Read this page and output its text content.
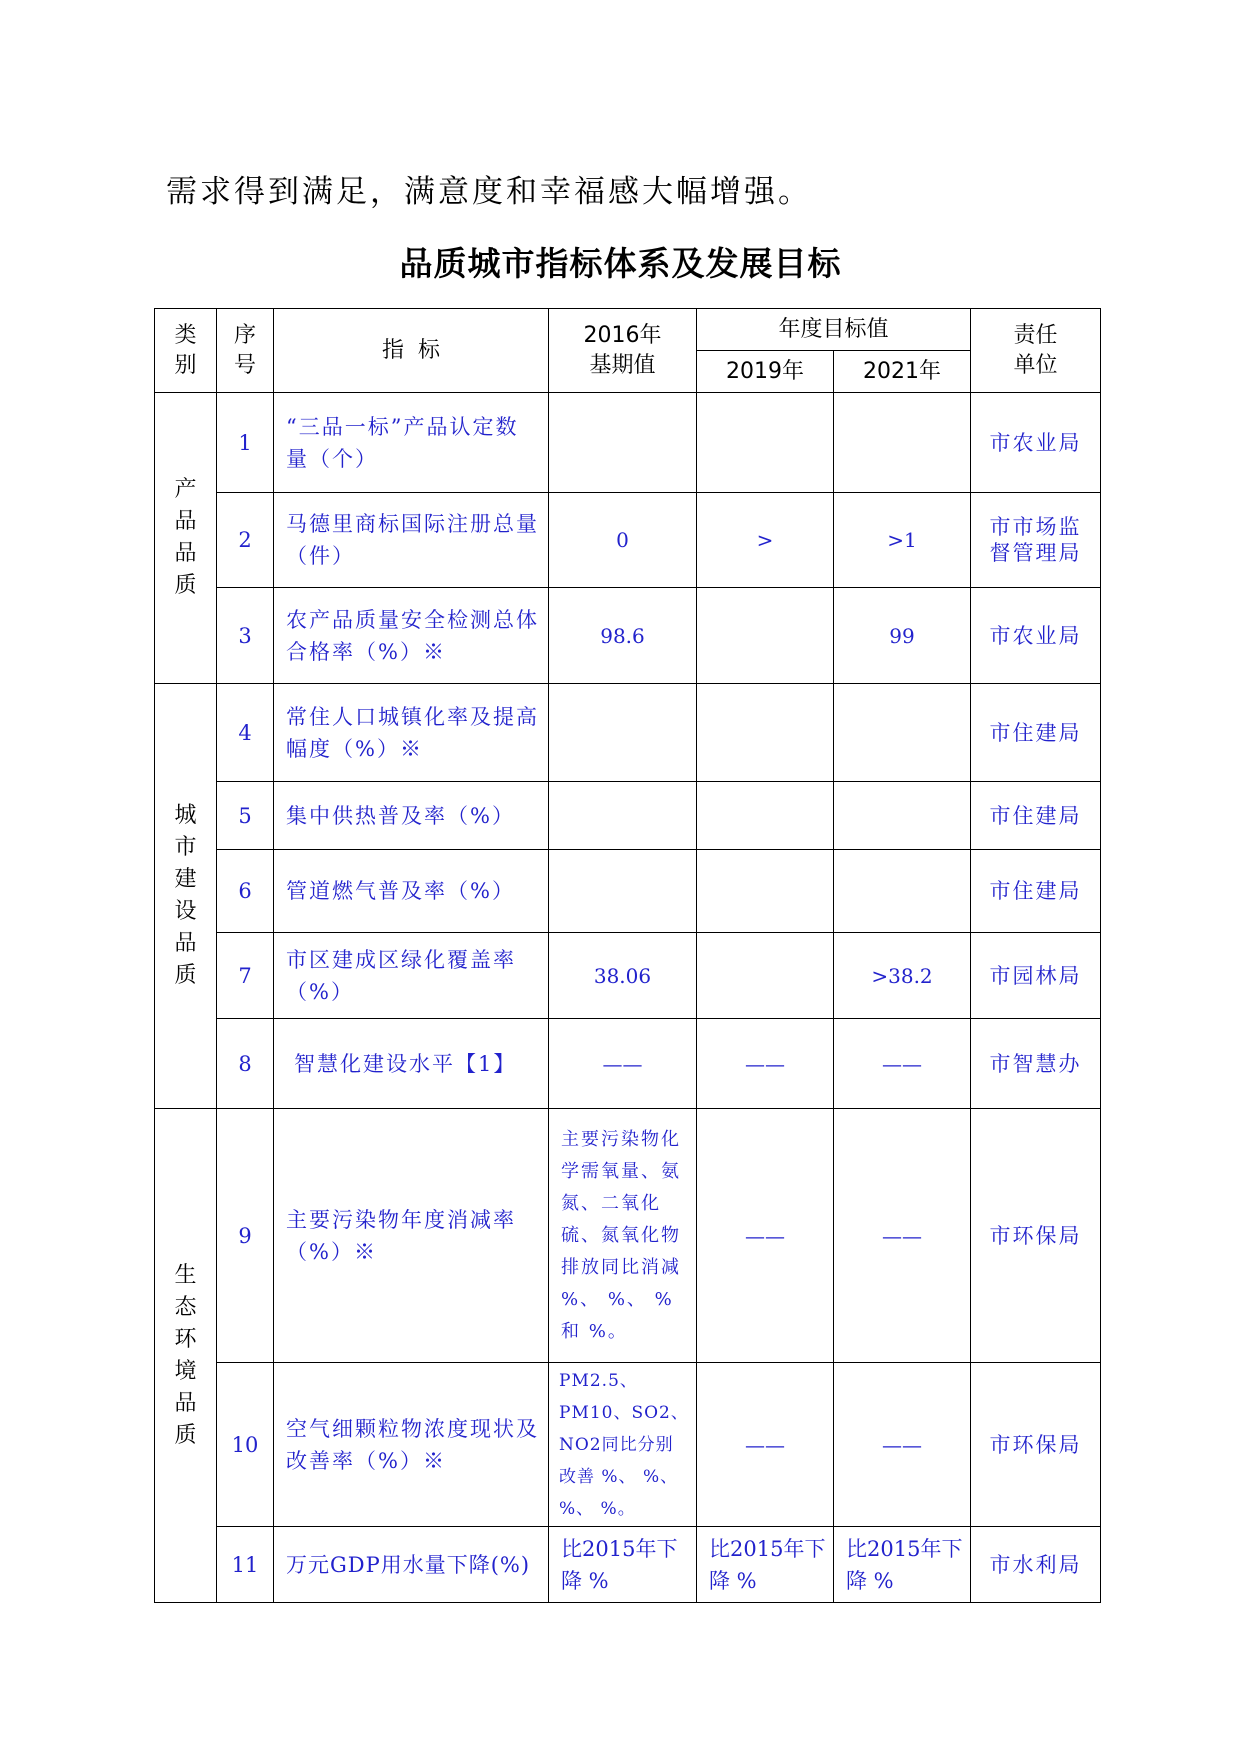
需求得到满足，满意度和幸福感大幅增强。
品质城市指标体系及发展目标
类别	序号	指  标	2016年基期值	年度目标值		责任单位
				2019年	2021年	

产品品质	1	“三品一标”产品认定数量（个）				市农业局
	2	马德里商标国际注册总量（件）	0	>	>1	市市场监督管理局
	3	农产品质量安全检测总体合格率（%）※	98.6		99	市农业局

城市建设品质	4	常住人口城镇化率及提高幅度（%）※				市住建局
	5	集中供热普及率（%）				市住建局
	6	管道燃气普及率（%）				市住建局
	7	市区建成区绿化覆盖率（%）	38.06		>38.2	市园林局
	8	智慧化建设水平【1】	——	——	——	市智慧办

生态环境品质	9	主要污染物年度消减率（%）※	主要污染物化学需氧量、氨氮、二氧化硫、氮氧化物排放同比消减 %、 %、 %和 %。	——	——	市环保局
	10	空气细颗粒物浓度现状及改善率（%）※	PM2.5、PM10、SO2、NO2同比分别改善 %、 %、 %、 %。	——	——	市环保局
	11	万元GDP用水量下降(%)	比2015年下降 %	比2015年下降 %	比2015年下降 %	市水利局
